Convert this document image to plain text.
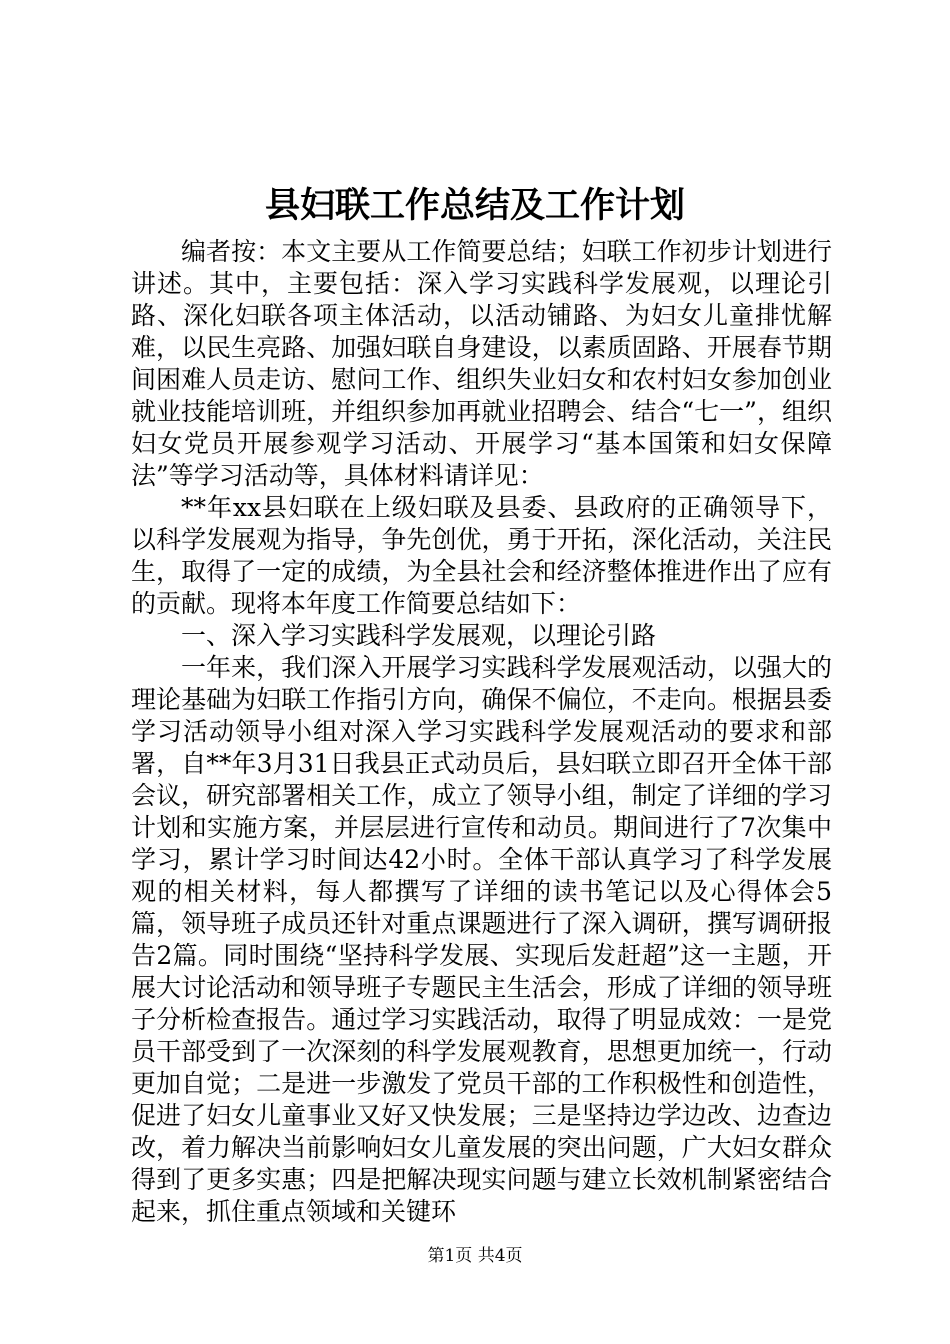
县妇联工作总结及工作计划

编者按：本文主要从工作简要总结；妇联工作初步计划进行讲述。其中，主要包括：深入学习实践科学发展观，以理论引路、深化妇联各项主体活动，以活动铺路、为妇女儿童排忧解难，以民生亮路、加强妇联自身建设，以素质固路、开展春节期间困难人员走访、慰问工作、组织失业妇女和农村妇女参加创业就业技能培训班，并组织参加再就业招聘会、结合“七一”，组织妇女党员开展参观学习活动、开展学习“基本国策和妇女保障法”等学习活动等，具体材料请详见：

**年xx县妇联在上级妇联及县委、县政府的正确领导下，以科学发展观为指导，争先创优，勇于开拓，深化活动，关注民生，取得了一定的成绩，为全县社会和经济整体推进作出了应有的贡献。现将本年度工作简要总结如下：

一、深入学习实践科学发展观，以理论引路

一年来，我们深入开展学习实践科学发展观活动，以强大的理论基础为妇联工作指引方向，确保不偏位，不走向。根据县委学习活动领导小组对深入学习实践科学发展观活动的要求和部署，自**年3月31日我县正式动员后，县妇联立即召开全体干部会议，研究部署相关工作，成立了领导小组，制定了详细的学习计划和实施方案，并层层进行宣传和动员。期间进行了7次集中学习，累计学习时间达42小时。全体干部认真学习了科学发展观的相关材料，每人都撰写了详细的读书笔记以及心得体会5篇，领导班子成员还针对重点课题进行了深入调研，撰写调研报告2篇。同时围绕“坚持科学发展、实现后发赶超”这一主题，开展大讨论活动和领导班子专题民主生活会，形成了详细的领导班子分析检查报告。通过学习实践活动，取得了明显成效：一是党员干部受到了一次深刻的科学发展观教育，思想更加统一，行动更加自觉；二是进一步激发了党员干部的工作积极性和创造性，促进了妇女儿童事业又好又快发展；三是坚持边学边改、边查边改，着力解决当前影响妇女儿童发展的突出问题，广大妇女群众得到了更多实惠；四是把解决现实问题与建立长效机制紧密结合起来，抓住重点领域和关键环

第1页 共4页
